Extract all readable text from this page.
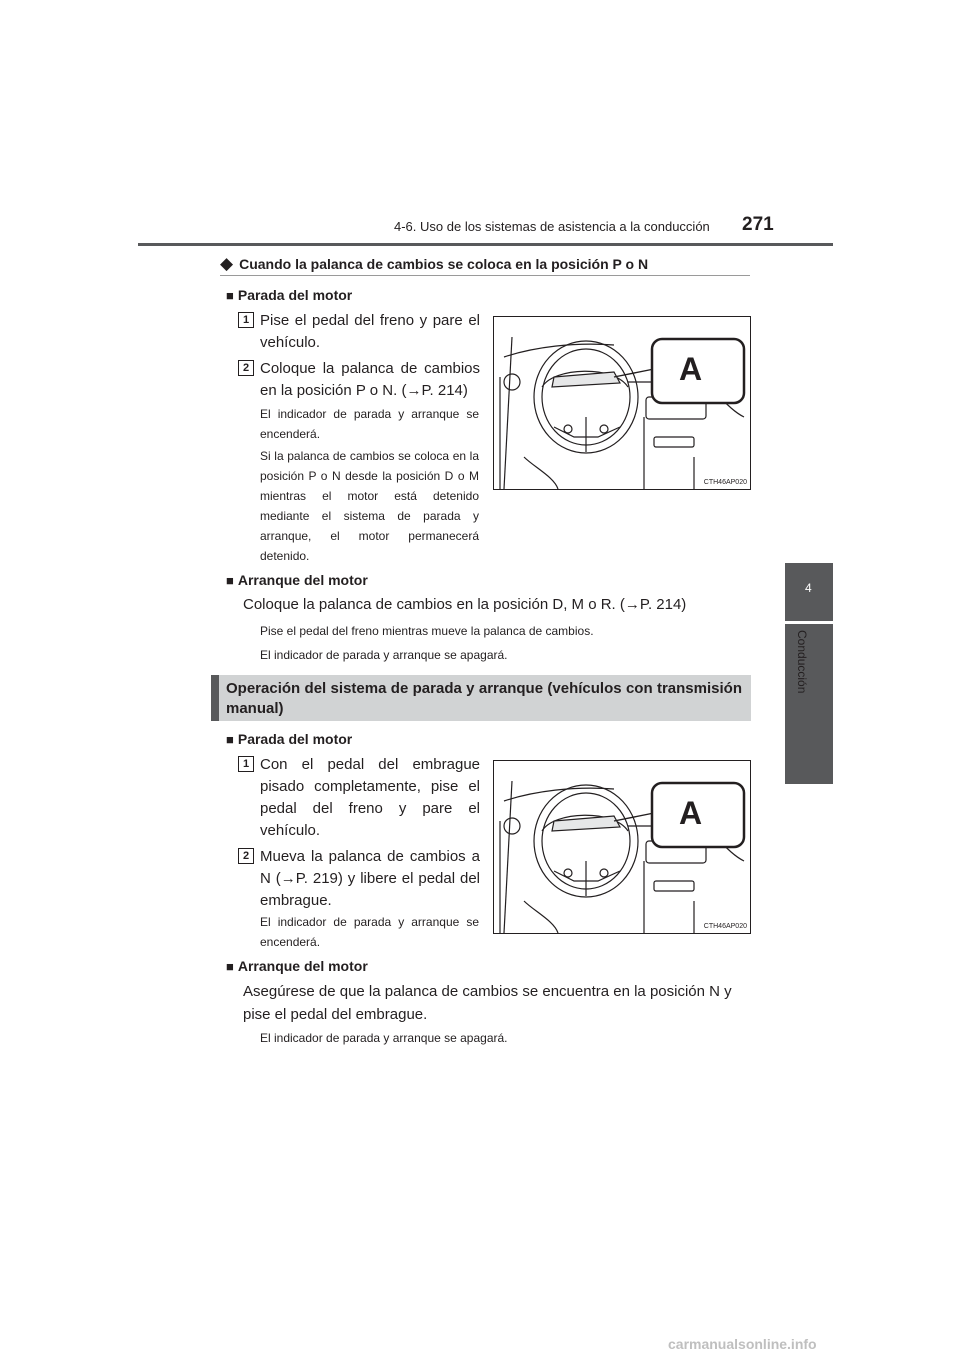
4-6. Uso de los sistemas de asistencia a la conducción 271
4
Conducción
◆ Cuando la palanca de cambios se coloca en la posición P o N
■ Parada del motor
1 Pise el pedal del freno y pare el vehículo.
2 Coloque la palanca de cambios en la posición P o N. (→P. 214)
El indicador de parada y arranque se encenderá.
Si la palanca de cambios se coloca en la posición P o N desde la posición D o M mientras el motor está detenido mediante el sistema de parada y arranque, el motor permanecerá detenido.
A
CTH46AP020
■ Arranque del motor
Coloque la palanca de cambios en la posición D, M o R. (→P. 214)
Pise el pedal del freno mientras mueve la palanca de cambios.
El indicador de parada y arranque se apagará.
Operación del sistema de parada y arranque (vehículos con transmisión manual)
■ Parada del motor
1 Con el pedal del embrague pisado completamente, pise el pedal del freno y pare el vehículo.
2 Mueva la palanca de cambios a N (→P. 219) y libere el pedal del embrague.
El indicador de parada y arranque se encenderá.
A
CTH46AP020
■ Arranque del motor
Asegúrese de que la palanca de cambios se encuentra en la posición N y pise el pedal del embrague.
El indicador de parada y arranque se apagará.
carmanualsonline.info
